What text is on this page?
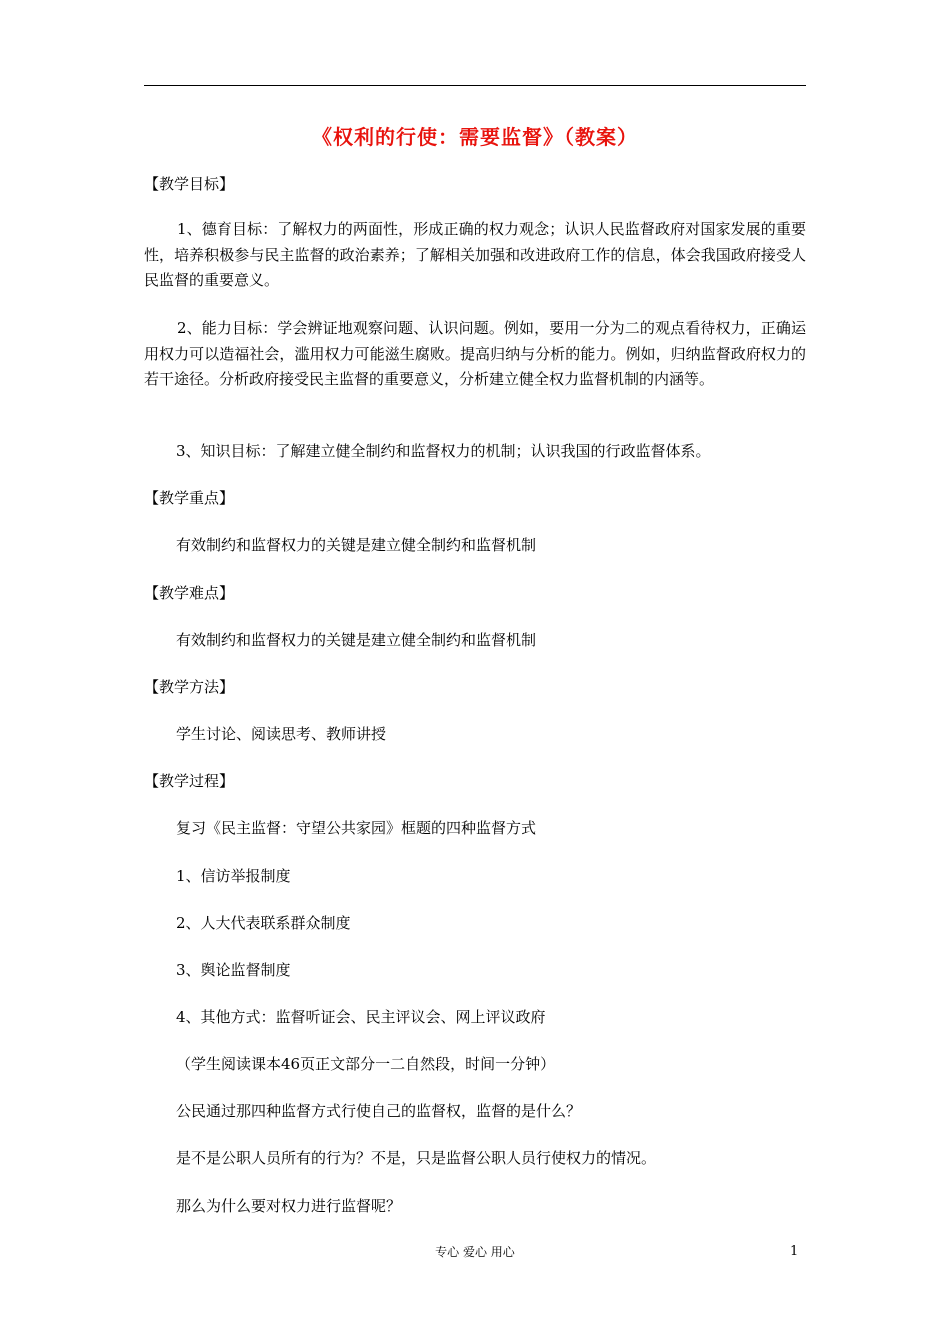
《权利的行使：需要监督》（教案）
【教学目标】
1、德育目标：了解权力的两面性，形成正确的权力观念；认识人民监督政府对国家发展的重要性，培养积极参与民主监督的政治素养；了解相关加强和改进政府工作的信息，体会我国政府接受人民监督的重要意义。
2、能力目标：学会辨证地观察问题、认识问题。例如，要用一分为二的观点看待权力，正确运用权力可以造福社会，滥用权力可能滋生腐败。提高归纳与分析的能力。例如，归纳监督政府权力的若干途径。分析政府接受民主监督的重要意义，分析建立健全权力监督机制的内涵等。
3、知识目标：了解建立健全制约和监督权力的机制；认识我国的行政监督体系。
【教学重点】
有效制约和监督权力的关键是建立健全制约和监督机制
【教学难点】
有效制约和监督权力的关键是建立健全制约和监督机制
【教学方法】
学生讨论、阅读思考、教师讲授
【教学过程】
复习《民主监督：守望公共家园》框题的四种监督方式
1、信访举报制度
2、人大代表联系群众制度
3、舆论监督制度
4、其他方式：监督听证会、民主评议会、网上评议政府
（学生阅读课本46页正文部分一二自然段，时间一分钟）
公民通过那四种监督方式行使自己的监督权，监督的是什么？
是不是公职人员所有的行为？不是，只是监督公职人员行使权力的情况。
那么为什么要对权力进行监督呢？
专心 爱心 用心	1
